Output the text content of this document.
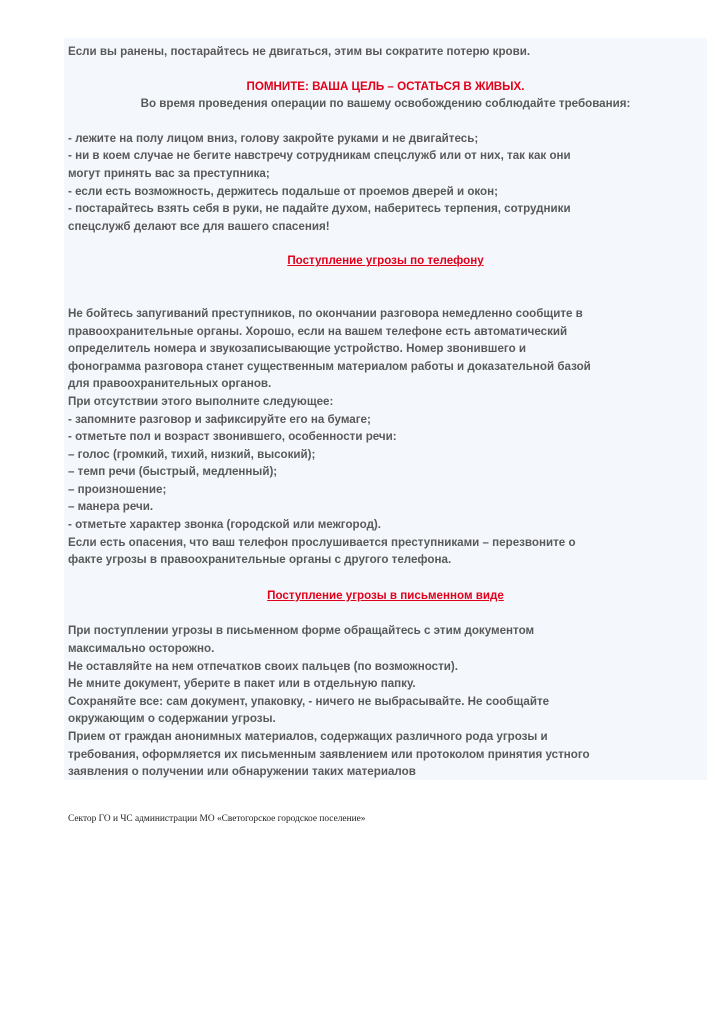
Если вы ранены, постарайтесь не двигаться, этим вы сократите потерю крови.

ПОМНИТЕ: ВАША ЦЕЛЬ – ОСТАТЬСЯ В ЖИВЫХ.

Во время проведения операции по вашему освобождению соблюдайте требования:

- лежите на полу лицом вниз, голову закройте руками и не двигайтесь;

- ни в коем случае не бегите навстречу сотрудникам спецслужб или от них, так как они

могут принять вас за преступника;

- если есть возможность, держитесь подальше от проемов дверей и окон;

- постарайтесь взять себя в руки, не падайте духом, наберитесь терпения, сотрудники

спецслужб делают все для вашего спасения!

Поступление угрозы по телефону

Не бойтесь запугиваний преступников, по окончании разговора немедленно сообщите в

правоохранительные органы. Хорошо, если на вашем телефоне есть автоматический

определитель номера и звукозаписывающие устройство. Номер звонившего и

фонограмма разговора станет существенным материалом работы и доказательной базой

для правоохранительных органов.

При отсутствии этого выполните следующее:

- запомните разговор и зафиксируйте его на бумаге;

- отметьте пол и возраст звонившего, особенности речи:

– голос (громкий, тихий, низкий, высокий);

– темп речи (быстрый, медленный);

– произношение;

– манера речи.

- отметьте характер звонка (городской или межгород).

Если есть опасения, что ваш телефон прослушивается преступниками – перезвоните о

факте угрозы в правоохранительные органы с другого телефона.

Поступление угрозы в письменном виде

При поступлении угрозы в письменном форме обращайтесь с этим документом

максимально осторожно.

Не оставляйте на нем отпечатков своих пальцев (по возможности).

Не мните документ, уберите в пакет или в отдельную папку.

Сохраняйте все: сам документ, упаковку, - ничего не выбрасывайте. Не сообщайте

окружающим о содержании угрозы.

Прием от граждан анонимных материалов, содержащих различного рода угрозы и

требования, оформляется их письменным заявлением или протоколом принятия устного

заявления о получении или обнаружении таких материалов

Сектор ГО и ЧС администрации МО «Светогорское городское поселение»
